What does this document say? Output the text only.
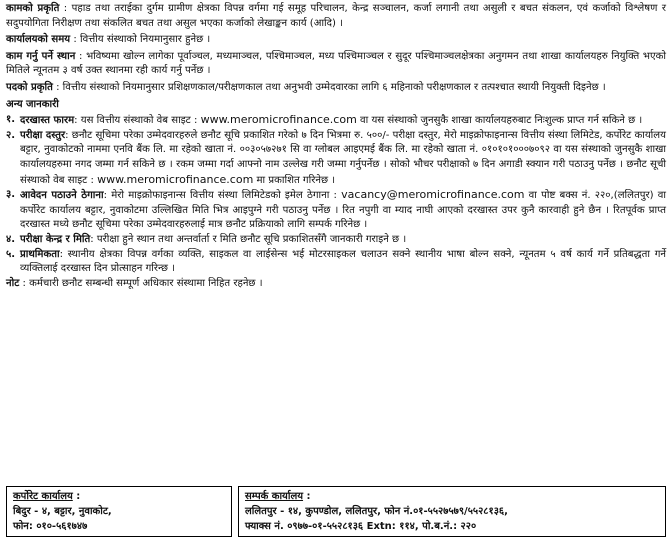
कामको प्रकृति : पहाड तथा तराईका दुर्गम ग्रामीण क्षेत्रका विपन्न वर्गमा गई समूह परिचालन, केन्द्र सञ्चालन, कर्जा लगानी तथा असुली र बचत संकलन, एवं कर्जाको विश्लेषण र सदुपयोगिता निरीक्षण तथा संकलित बचत तथा असुल भएका कर्जाको लेखाङ्कन कार्य (आदि) ।

कार्यालयको समय : वित्तीय संस्थाको नियमानुसार हुनेछ ।

काम गर्नु पर्ने स्थान : भविष्यमा खोल्न लागेका पूर्वाञ्चल, मध्यमाञ्चल, पश्चिमाञ्चल, मध्य पश्चिमाञ्चल र सुदूर पश्चिमाञ्चलक्षेत्रका अनुगमन तथा शाखा कार्यालयहरु नियुक्ति भएको मितिले न्यूनतम ३ वर्ष उक्त स्थानमा रही कार्य गर्नु पर्नेछ ।

पदको प्रकृति : वित्तीय संस्थाको नियमानुसार प्रशिक्षणकाल/परीक्षणकाल तथा अनुभवी उम्मेदवारका लागि ६ महिनाको परीक्षणकाल र तत्पश्चात स्थायी नियुक्ती दिइनेछ ।

अन्य जानकारी
१. दरखास्त फारम: यस वित्तीय संस्थाको वेब साइट : www.meromicrofinance.com वा यस संस्थाको जुनसुकै शाखा कार्यालयहरुबाट निःशुल्क प्राप्त गर्न सकिने छ ।

२. परीक्षा दस्तुर: छनौट सूचिमा परेका उम्मेदवारहरुले छनौट सूचि प्रकाशित गरेको ७ दिन भित्रमा रु. ५००/- परीक्षा दस्तुर, मेरो माइक्रोफाइनान्स वित्तीय संस्था लिमिटेड, कर्पोरेट कार्यालय बट्टार, नुवाकोटको नाममा एनवि बैंक लि. मा रहेको खाता नं. ००३०५७२७१ सि वा ग्लोबल आइएमई बैंक लि. मा रहेको खाता नं. ०१०१०१०००७०९२ वा यस संस्थाको जुनसुकै शाखा कार्यालयहरुमा नगद जम्मा गर्न सकिने छ । रकम जम्मा गर्दा आफ्नो नाम उल्लेख गरी जम्मा गर्नुपर्नेछ । सोको भौचर परीक्षाको ७ दिन अगाडी स्क्यान गरी पठाउनु पर्नेछ । छनौट सूची संस्थाको वेब साइट : www.meromicrofinance.com मा प्रकाशित गरिनेछ ।

३. आवेदन पठाउने ठेगाना: मेरो माइक्रोफाइनान्स वित्तीय संस्था लिमिटेडको इमेल ठेगाना : vacancy@meromicrofinance.com वा पोष्ट बक्स नं. २२०,(ललितपुर) वा कर्पोरेट कार्यालय बट्टार, नुवाकोटमा उल्लिखित मिति भित्र आइपुग्ने गरी पठाउनु पर्नेछ । रित नपुगी वा म्याद नाघी आएको दरखास्त उपर कुनै कारवाही हुने छैन । रितपूर्वक प्राप्त दरखास्त मध्ये छनौट सूचिमा परेका उम्मेदवारहरुलाई मात्र छनौट प्रक्रियाको लागि सम्पर्क गरिनेछ ।

४. परीक्षा केन्द्र र मिति: परीक्षा हुने स्थान तथा अन्तर्वार्ता र मिति छनौट सूचि प्रकाशितसँगै जानकारी गराइने छ ।

५. प्राथमिकता: स्थानीय क्षेत्रका विपन्न वर्गका व्यक्ति, साइकल वा लाईसेन्स भई मोटरसाइकल चलाउन सक्ने स्थानीय भाषा बोल्न सक्ने, न्यूनतम ५ वर्ष कार्य गर्ने प्रतिबद्धता गर्ने व्यक्तिलाई दरखास्त दिन प्रोत्साहन गरिन्छ ।

नोट : कर्मचारी छनौट सम्बन्धी सम्पूर्ण अधिकार संस्थामा निहित रहनेछ ।

कर्पोरेट कार्यालय :
बिदुर - ४, बट्टार, नुवाकोट,
फोन: ०१०-५६१७४७
सम्पर्क कार्यालय :
ललितपुर - १४, कुपण्डोल, ललितपुर, फोन नं.०१-५५२७५७९/५५२८१३६,
फ्याक्स नं. ०९७७-०१-५५२८१३६ Extn: ११४, पो.ब.नं.: २२०
